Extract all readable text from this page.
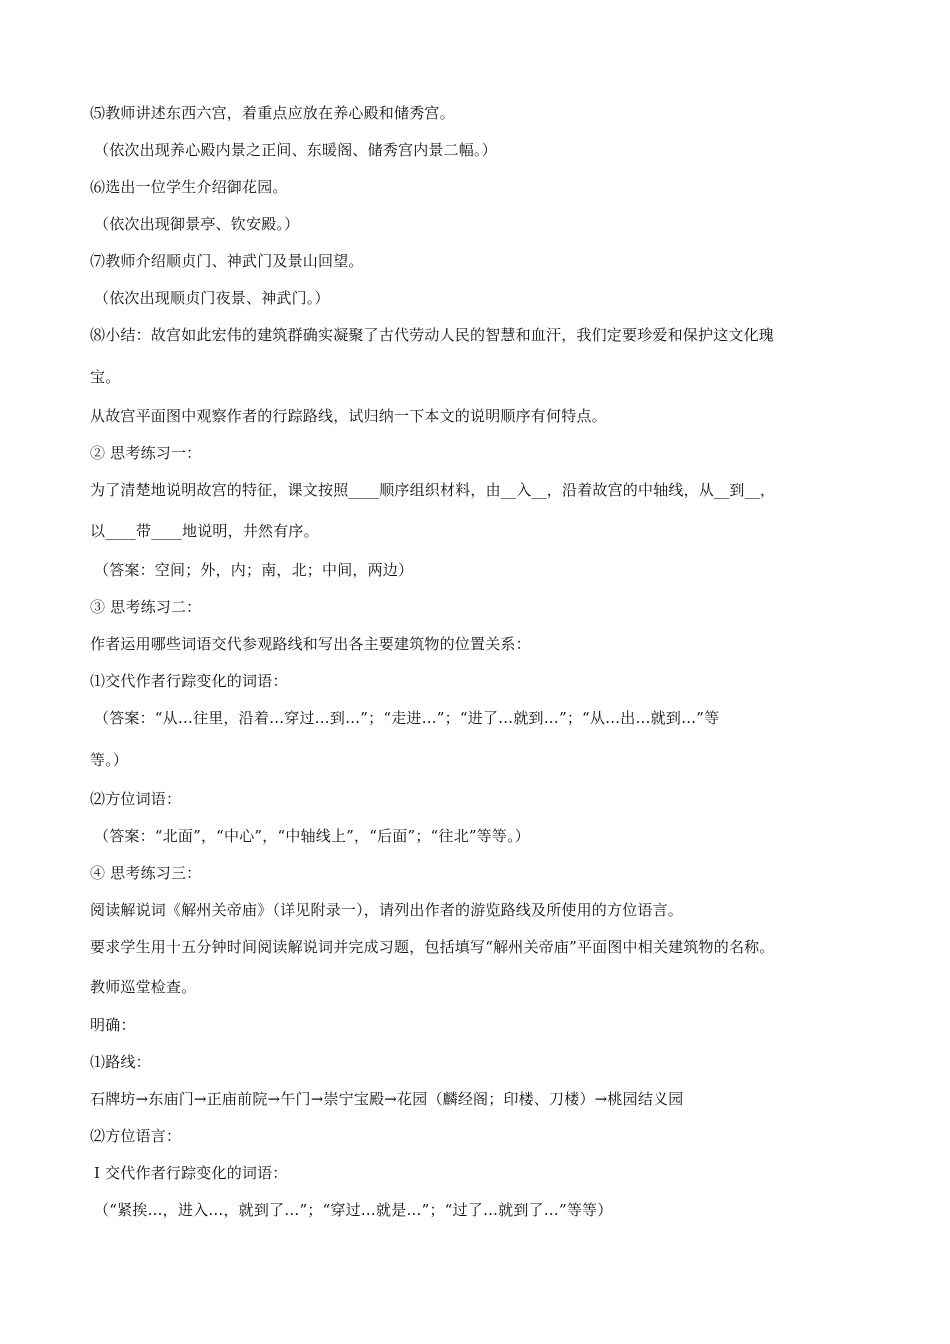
⑸教师讲述东西六宫，着重点应放在养心殿和储秀宫。
（依次出现养心殿内景之正间、东暖阁、储秀宫内景二幅。）
⑹选出一位学生介绍御花园。
（依次出现御景亭、钦安殿。）
⑺教师介绍顺贞门、神武门及景山回望。
（依次出现顺贞门夜景、神武门。）
⑻小结：故宫如此宏伟的建筑群确实凝聚了古代劳动人民的智慧和血汗，我们定要珍爱和保护这文化瑰
宝。
从故宫平面图中观察作者的行踪路线，试归纳一下本文的说明顺序有何特点。
② 思考练习一：
为了清楚地说明故宫的特征，课文按照____顺序组织材料，由__入__，沿着故宫的中轴线，从__到__，
以____带____地说明，井然有序。
（答案：空间；外，内；南，北；中间，两边）
③ 思考练习二：
作者运用哪些词语交代参观路线和写出各主要建筑物的位置关系：
⑴交代作者行踪变化的词语：
（答案：“从…往里，沿着…穿过…到…”；“走进…”；“进了…就到…”；“从…出…就到…”等
等。）
⑵方位词语：
（答案：“北面”，“中心”，“中轴线上”，“后面”；“往北”等等。）
④ 思考练习三：
阅读解说词《解州关帝庙》（详见附录一），请列出作者的游览路线及所使用的方位语言。
要求学生用十五分钟时间阅读解说词并完成习题，包括填写“解州关帝庙”平面图中相关建筑物的名称。
教师巡堂检查。
明确：
⑴路线：
石牌坊→东庙门→正庙前院→午门→崇宁宝殿→花园（麟经阁；印楼、刀楼）→桃园结义园
⑵方位语言：
Ⅰ 交代作者行踪变化的词语：
（“紧挨…，进入…，就到了…”；“穿过…就是…”；“过了…就到了…”等等）
